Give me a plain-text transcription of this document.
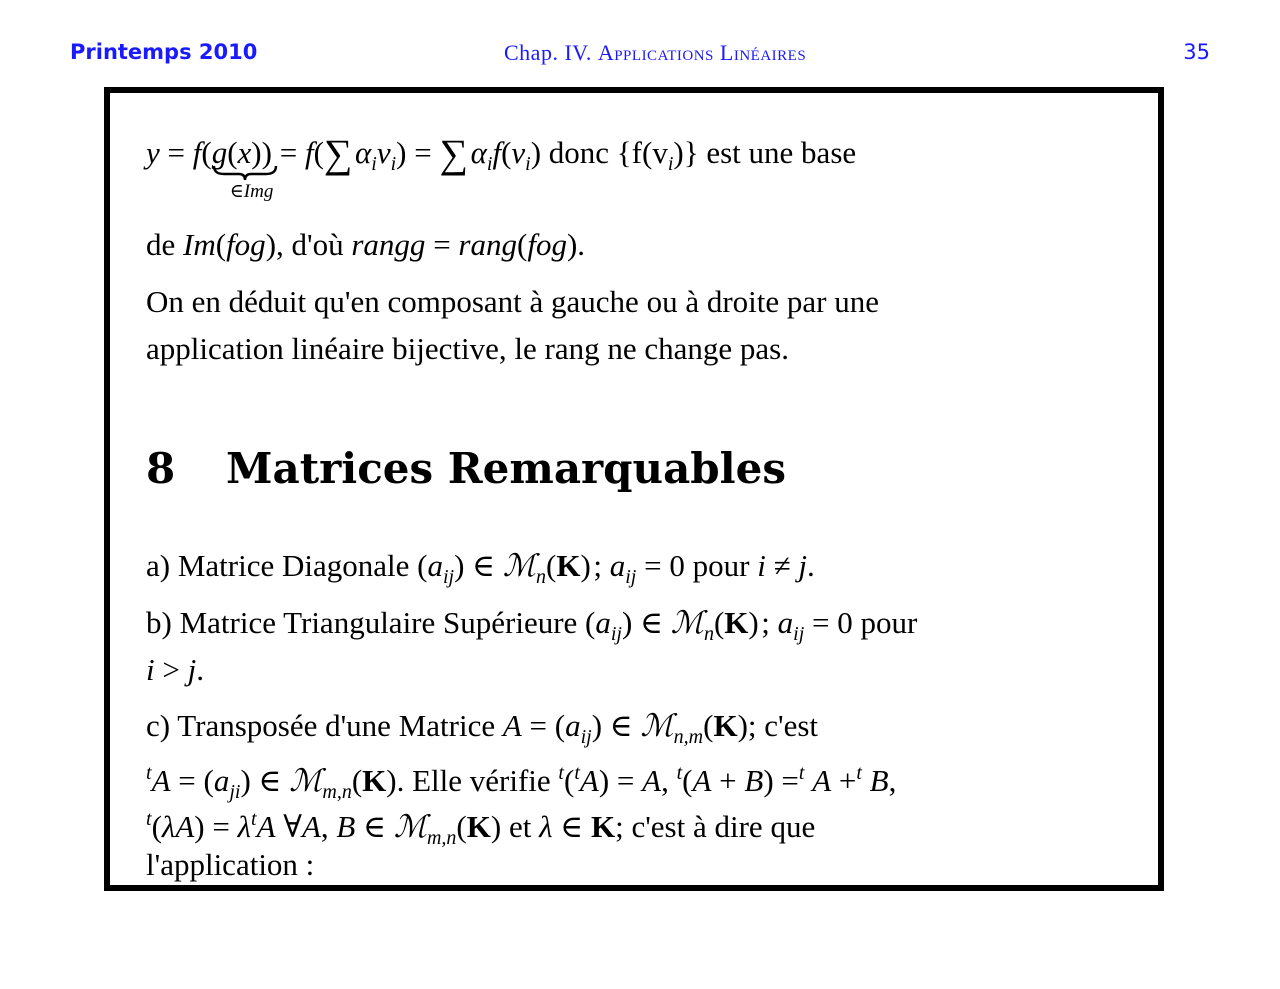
Printemps 2010	Chap. IV. Applications Linéaires	35
y = f(g(x)
∈Img
) = f(∑ $\alpha_iv_i$) = ∑ $\alpha_if(v_i)$ donc $\{f(v_i)\}$ est une base
de Im(fog), d'où rangg = rang(fog).
On en déduit qu'en composant à gauche ou à droite par une
application linéaire bijective, le rang ne change pas.
8 Matrices Remarquables
a) Matrice Diagonale $(a_{ij})$ ∈ ℳ$_n$(K) ; $a_{ij} = 0$ pour i ≠ j.
b) Matrice Triangulaire Supérieure $(a_{ij})$ ∈ ℳ$_n$(K) ; $a_{ij} = 0$ pour
i > j.
c) Transposée d'une Matrice $A = (a_{ij})$ ∈ ℳ$_{n,m}$(K); c'est
$^tA = (a_{ji})$ ∈ ℳ$_{m,n}$(K). Elle vérifie $^t$($^t$A) = A, $^t$(A + B) =$^t$ A +$^t$ B,
$^t(\lambda A) = \lambda^tA$ ∀A, B ∈ ℳ$_{m,n}$(K) et λ ∈ K; c'est à dire que
l'application :
